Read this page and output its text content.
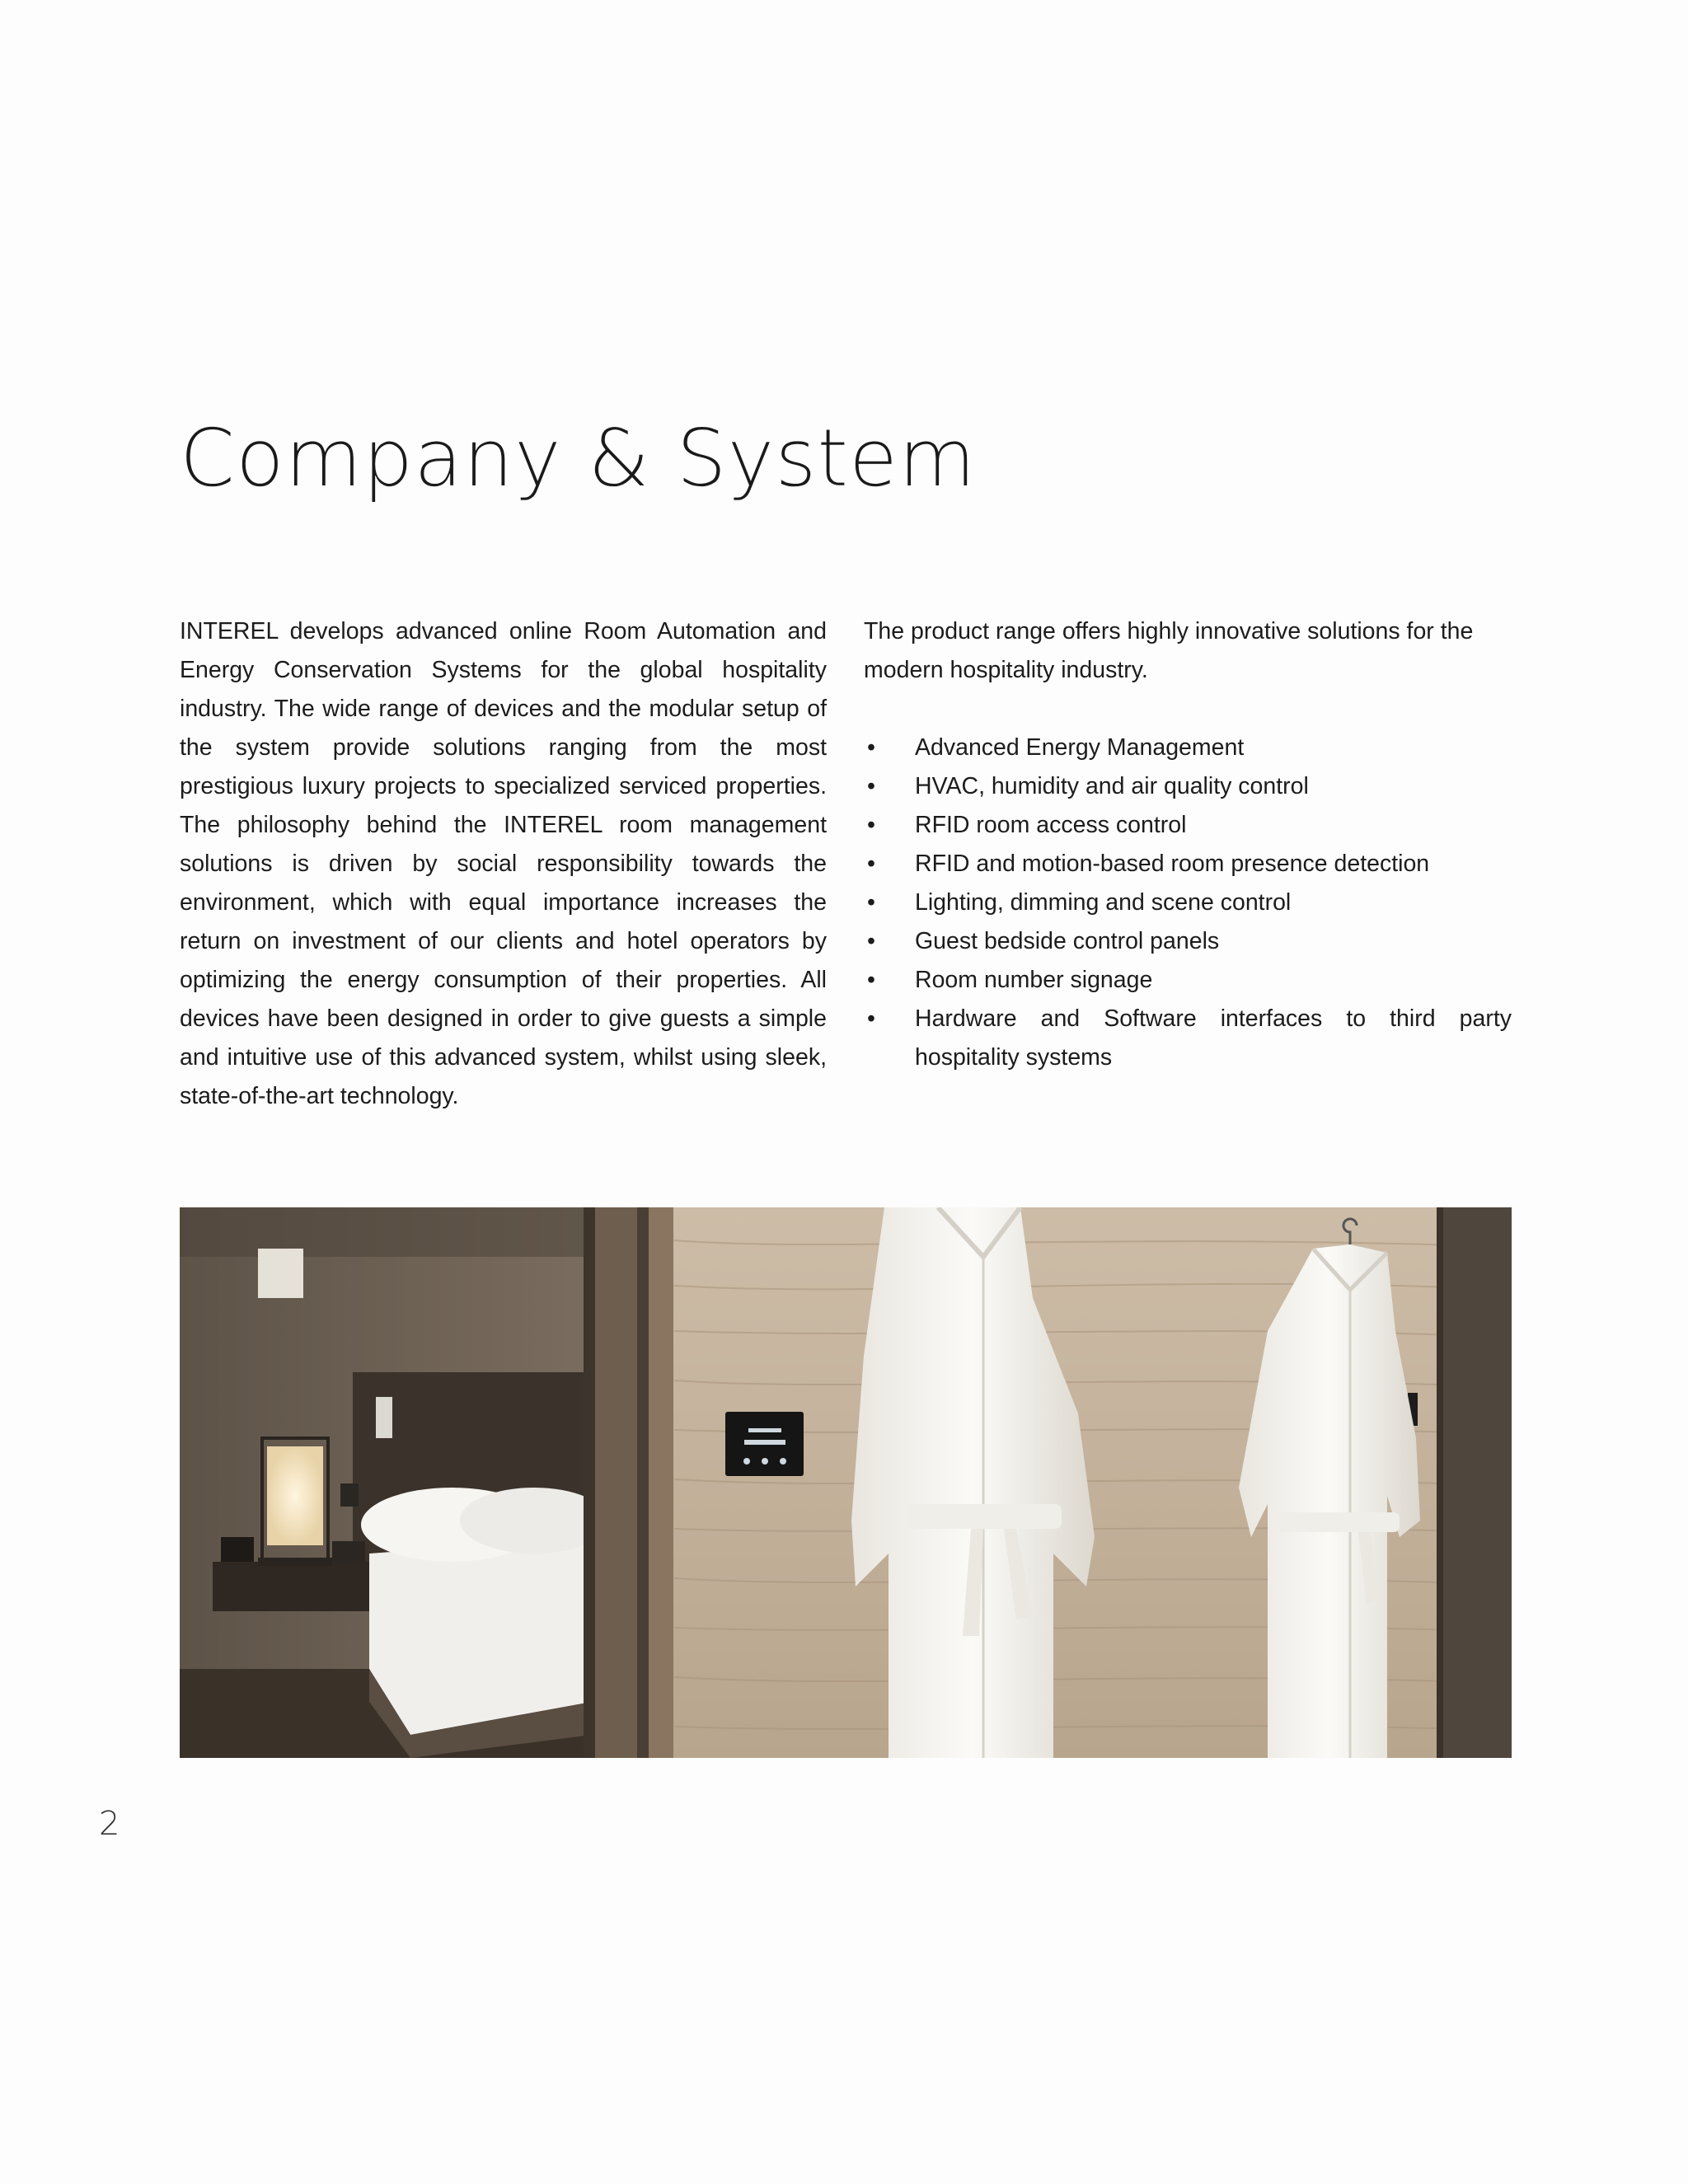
Company & System

INTEREL develops advanced online Room Automation and Energy Conservation Systems for the global hospitality industry. The wide range of devices and the modular setup of the system provide solutions ranging from the most prestigious luxury projects to specialized serviced properties. The philosophy behind the INTEREL room management solutions is driven by social responsibility towards the environment, which with equal importance increases the return on investment of our clients and hotel operators by optimizing the energy consumption of their properties. All devices have been designed in order to give guests a simple and intuitive use of this advanced system, whilst using sleek, state-of-the-art technology.

The product range offers highly innovative solutions for the modern hospitality industry.

• Advanced Energy Management
• HVAC, humidity and air quality control
• RFID room access control
• RFID and motion-based room presence detection
• Lighting, dimming and scene control
• Guest bedside control panels
• Room number signage
• Hardware and Software interfaces to third party hospitality systems
2
